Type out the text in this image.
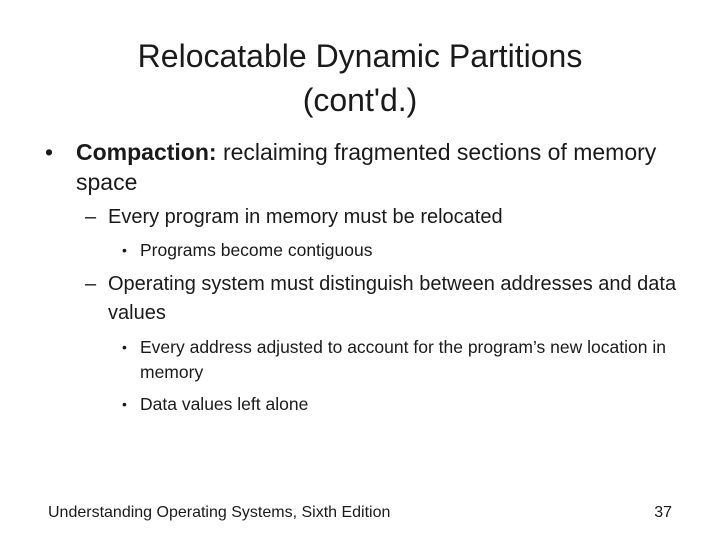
Relocatable Dynamic Partitions
(cont'd.)
• Compaction: reclaiming fragmented sections of memory space
– Every program in memory must be relocated
• Programs become contiguous
– Operating system must distinguish between addresses and data values
• Every address adjusted to account for the program’s new location in memory
• Data values left alone
Understanding Operating Systems, Sixth Edition	37
